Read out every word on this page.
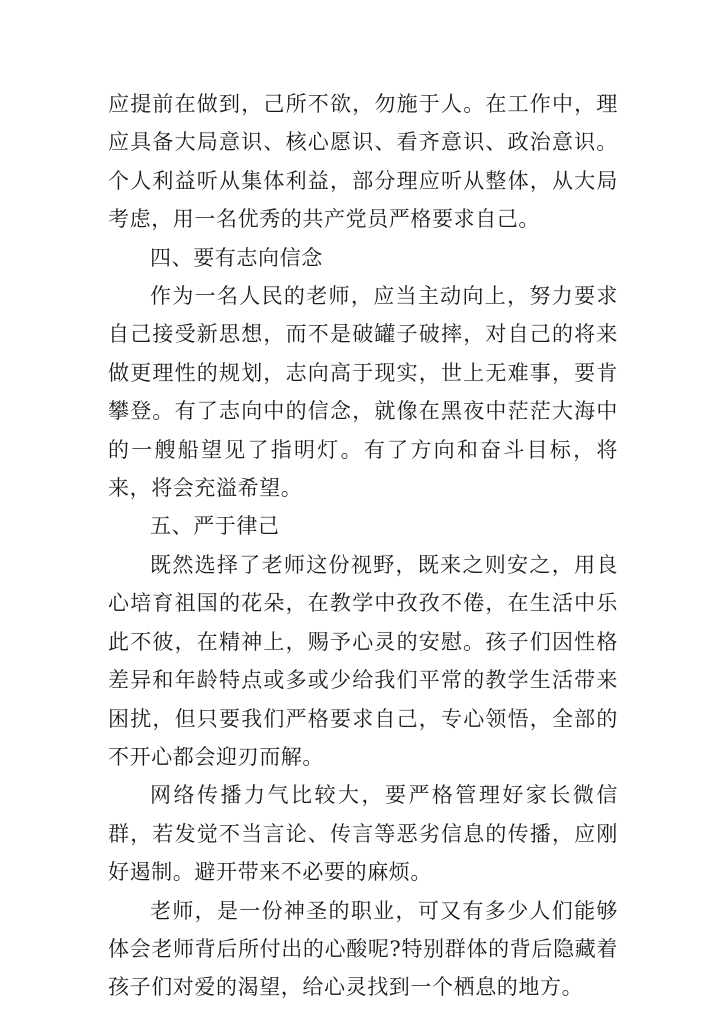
应提前在做到，己所不欲，勿施于人。在工作中，理应具备大局意识、核心愿识、看齐意识、政治意识。个人利益听从集体利益，部分理应听从整体，从大局考虑，用一名优秀的共产党员严格要求自己。

四、要有志向信念

作为一名人民的老师，应当主动向上，努力要求自己接受新思想，而不是破罐子破摔，对自己的将来做更理性的规划，志向高于现实，世上无难事，要肯攀登。有了志向中的信念，就像在黑夜中茫茫大海中的一艘船望见了指明灯。有了方向和奋斗目标，将来，将会充溢希望。

五、严于律己

既然选择了老师这份视野，既来之则安之，用良心培育祖国的花朵，在教学中孜孜不倦，在生活中乐此不彼，在精神上，赐予心灵的安慰。孩子们因性格差异和年龄特点或多或少给我们平常的教学生活带来困扰，但只要我们严格要求自己，专心领悟，全部的不开心都会迎刃而解。

网络传播力气比较大，要严格管理好家长微信群，若发觉不当言论、传言等恶劣信息的传播，应刚好遏制。避开带来不必要的麻烦。

老师，是一份神圣的职业，可又有多少人们能够体会老师背后所付出的心酸呢?特别群体的背后隐藏着孩子们对爱的渴望，给心灵找到一个栖息的地方。
